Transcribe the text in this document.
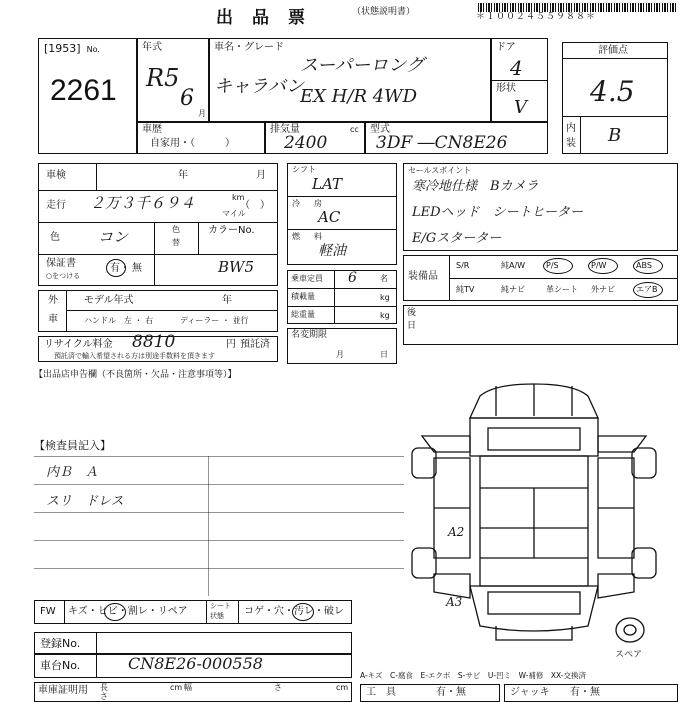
出　品　票	（状態説明書）	＊１００２４５５９８８＊
[1953] No.
2261
年式
R5
6
月
車名・グレード
スーパーロング
キャラバン
EX H/R 4WD
ドア
4
形状
V
車歴
自家用・（　　　）
排気量	cc
2400
型式
3DF ―CN8E26
評価点
4.5
内
装 B
車検	年	月
走行 ２万３千６９４	km
マイル
（　）
色	コン	色
替
カラーNo.
保証書
○をつける
有・ 無	BW5
外
車
モデル年式	年
ハンドル　左 ・ 右	ディーラー ・ 並行
リサイクル料金 8810	円 預託済
預託済で輸入希望される方は別途手数料を頂きます
シフト
LAT
冷 房
AC
燃 料
軽油
乗車定員 6	名
積載量	kg
総重量	kg
名変期限
月	日
セールスポイント
寒冷地仕様　Bカメラ
LEDヘッド　シートヒーター
E/Gスターター
装備品
S/R	純A/W	P/S	P/W	ABS
純TV	純ナビ	革シート 外ナビ	エアB
後
日
【出品店申告欄（不良箇所・欠品・注意事項等）】
【検査員記入】
内Ｂ　Ａ
スリ　ドレス
FW キズ・ヒビ・割レ・リペア	シート
状態 コゲ・穴・汚レ・破レ
登録No.
車台No.	CN8E26-000558
車庫証明用 長
さ
cm 幅	さ	cm
A2
A3
スペア
A-キズ　C-腐食　E-エクボ　S-サビ　U-凹ミ　W-補修　XX-交換済
工　具	有・無	ジャッキ 有・無
